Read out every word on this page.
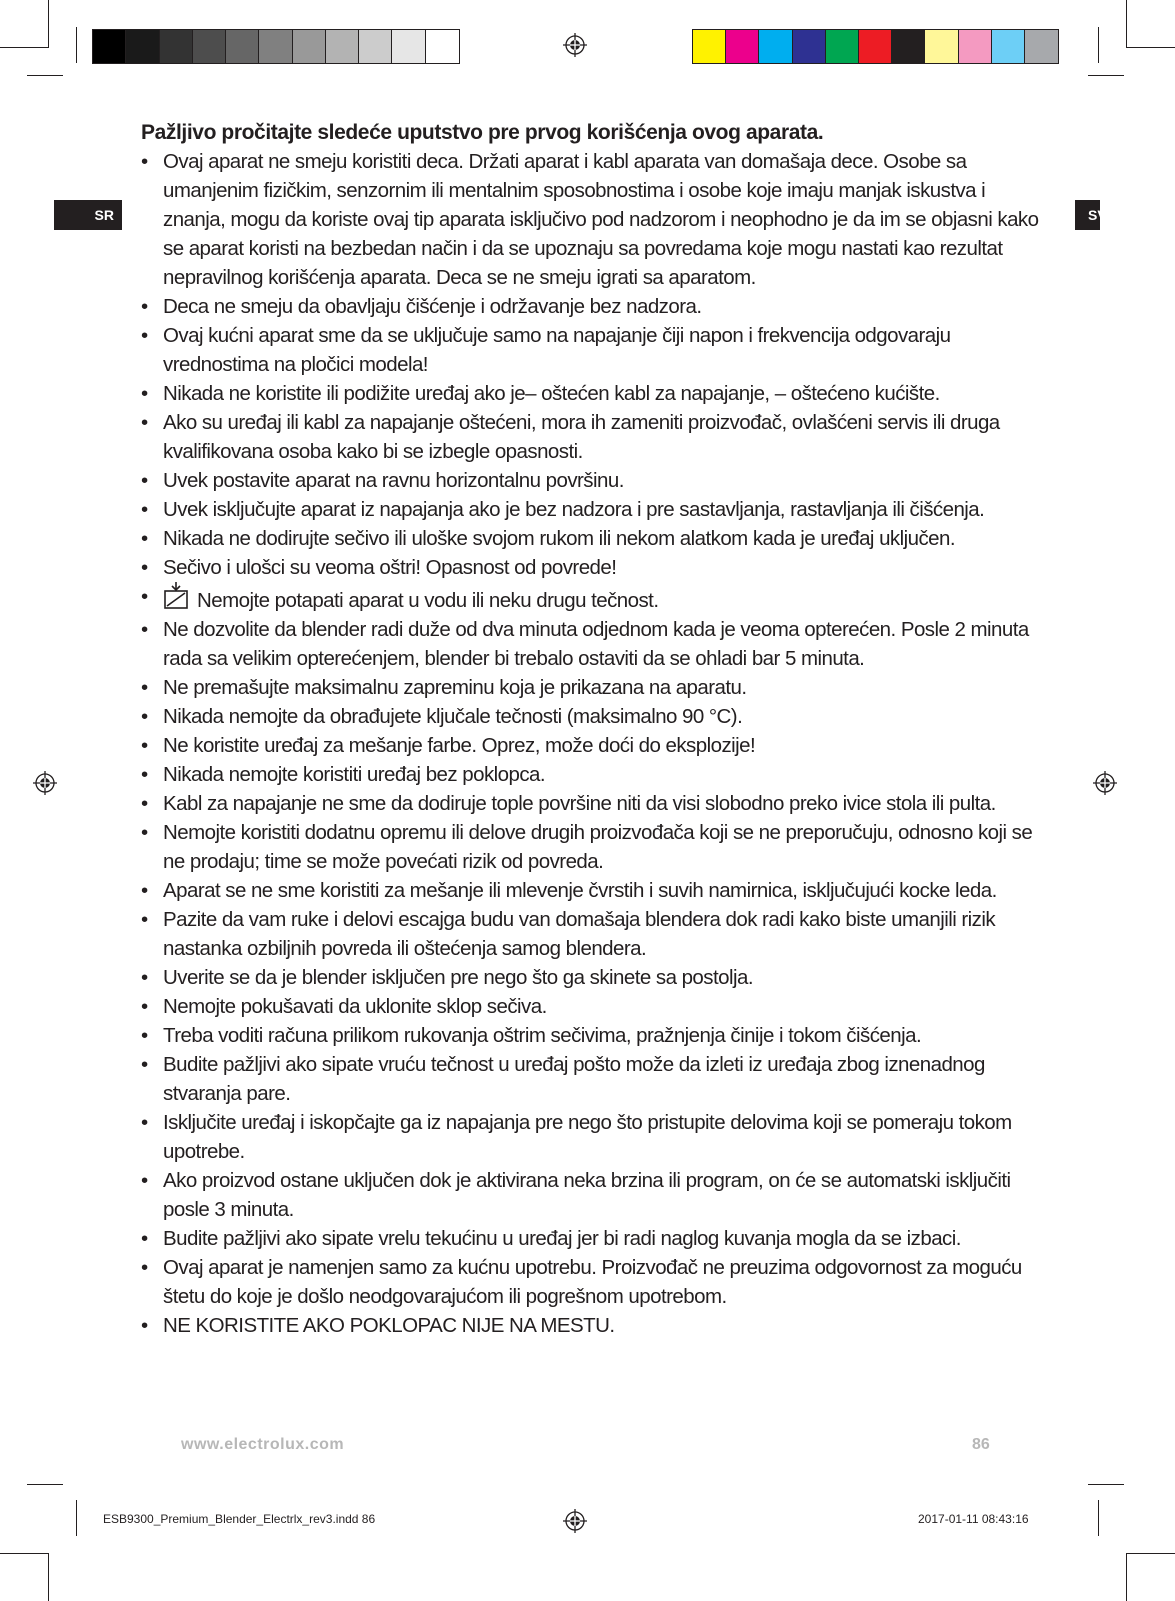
SR	SV
Pažljivo pročitajte sledeće uputstvo pre prvog korišćenja ovog aparata.
• Ovaj aparat ne smeju koristiti deca. Držati aparat i kabl aparata van domašaja dece. Osobe sa umanjenim fizičkim, senzornim ili mentalnim sposobnostima i osobe koje imaju manjak iskustva i znanja, mogu da koriste ovaj tip aparata isključivo pod nadzorom i neophodno je da im se objasni kako se aparat koristi na bezbedan način i da se upoznaju sa povredama koje mogu nastati kao rezultat nepravilnog korišćenja aparata. Deca se ne smeju igrati sa aparatom.
• Deca ne smeju da obavljaju čišćenje i održavanje bez nadzora.
• Ovaj kućni aparat sme da se uključuje samo na napajanje čiji napon i frekvencija odgovaraju vrednostima na pločici modela!
• Nikada ne koristite ili podižite uređaj ako je– oštećen kabl za napajanje, – oštećeno kućište.
• Ako su uređaj ili kabl za napajanje oštećeni, mora ih zameniti proizvođač, ovlašćeni servis ili druga kvalifikovana osoba kako bi se izbegle opasnosti.
• Uvek postavite aparat na ravnu horizontalnu površinu.
• Uvek isključujte aparat iz napajanja ako je bez nadzora i pre sastavljanja, rastavljanja ili čišćenja.
• Nikada ne dodirujte sečivo ili uloške svojom rukom ili nekom alatkom kada je uređaj uključen.
• Sečivo i ulošci su veoma oštri! Opasnost od povrede!
• Nemojte potapati aparat u vodu ili neku drugu tečnost.
• Ne dozvolite da blender radi duže od dva minuta odjednom kada je veoma opterećen. Posle 2 minuta rada sa velikim opterećenjem, blender bi trebalo ostaviti da se ohladi bar 5 minuta.
• Ne premašujte maksimalnu zapreminu koja je prikazana na aparatu.
• Nikada nemojte da obrađujete ključale tečnosti (maksimalno 90 °C).
• Ne koristite uređaj za mešanje farbe. Oprez, može doći do eksplozije!
• Nikada nemojte koristiti uređaj bez poklopca.
• Kabl za napajanje ne sme da dodiruje tople površine niti da visi slobodno preko ivice stola ili pulta.
• Nemojte koristiti dodatnu opremu ili delove drugih proizvođača koji se ne preporučuju, odnosno koji se ne prodaju; time se može povećati rizik od povreda.
• Aparat se ne sme koristiti za mešanje ili mlevenje čvrstih i suvih namirnica, isključujući kocke leda.
• Pazite da vam ruke i delovi escajga budu van domašaja blendera dok radi kako biste umanjili rizik nastanka ozbiljnih povreda ili oštećenja samog blendera.
• Uverite se da je blender isključen pre nego što ga skinete sa postolja.
• Nemojte pokušavati da uklonite sklop sečiva.
• Treba voditi računa prilikom rukovanja oštrim sečivima, pražnjenja činije i tokom čišćenja.
• Budite pažljivi ako sipate vruću tečnost u uređaj pošto može da izleti iz uređaja zbog iznenadnog stvaranja pare.
• Isključite uređaj i iskopčajte ga iz napajanja pre nego što pristupite delovima koji se pomeraju tokom upotrebe.
• Ako proizvod ostane uključen dok je aktivirana neka brzina ili program, on će se automatski isključiti posle 3 minuta.
• Budite pažljivi ako sipate vrelu tekućinu u uređaj jer bi radi naglog kuvanja mogla da se izbaci.
• Ovaj aparat je namenjen samo za kućnu upotrebu. Proizvođač ne preuzima odgovornost za moguću štetu do koje je došlo neodgovarajućom ili pogrešnom upotrebom.
• NE KORISTITE AKO POKLOPAC NIJE NA MESTU.
www.electrolux.com	86
ESB9300_Premium_Blender_Electrlx_rev3.indd 86	2017-01-11 08:43:16
